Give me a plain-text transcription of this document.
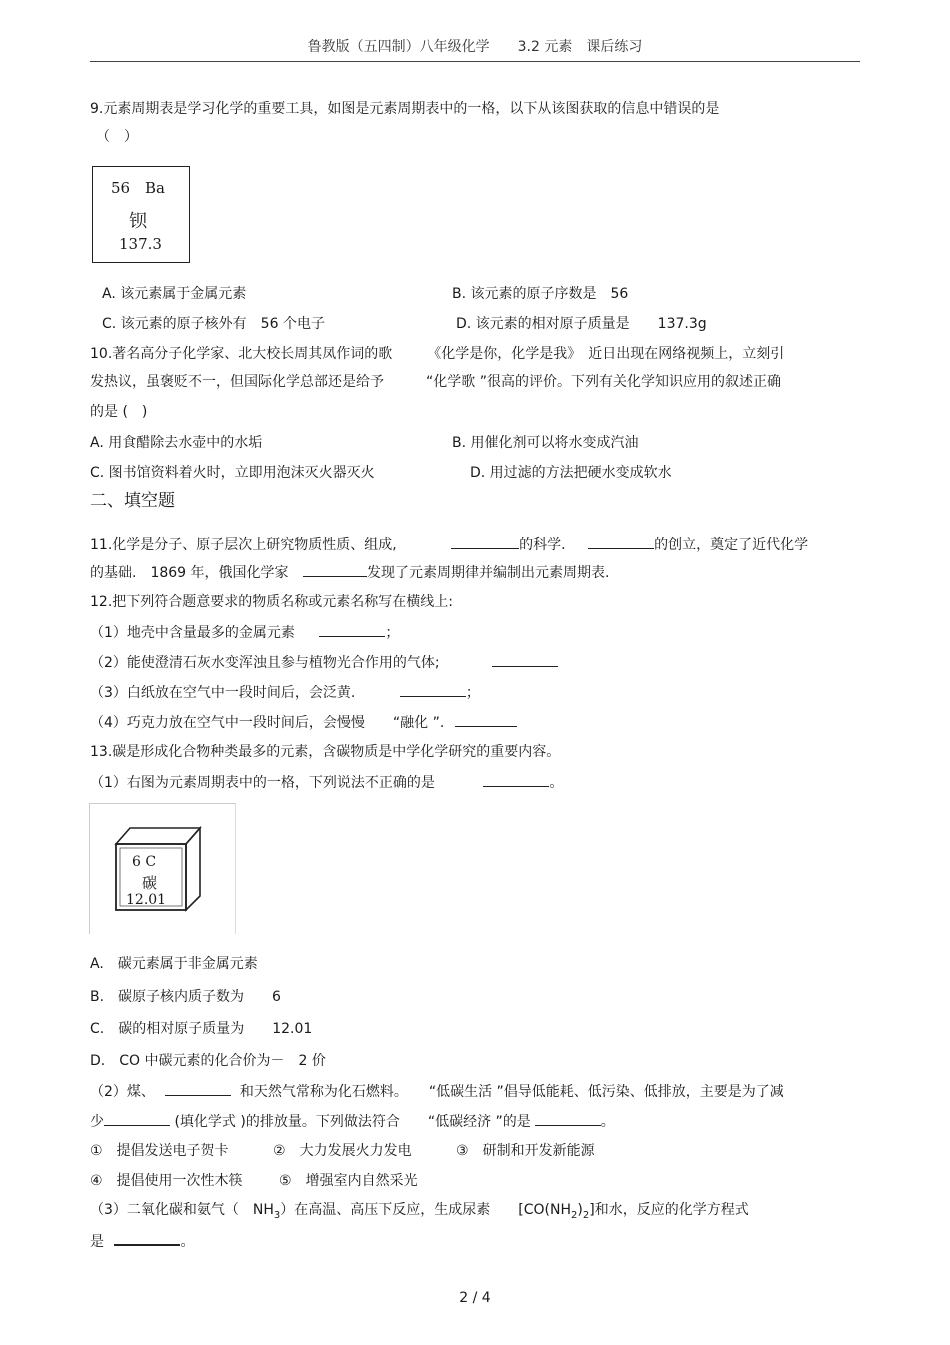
鲁教版（五四制）八年级化学　　3.2 元素　课后练习
9.元素周期表是学习化学的重要工具，如图是元素周期表中的一格，以下从该图获取的信息中错误的是
（　）
56 Ba
钡
137.3
A. 该元素属于金属元素	B. 该元素的原子序数是　56
C. 该元素的原子核外有　56 个电子	D. 该元素的相对原子质量是　　137.3g
10.著名高分子化学家、北大校长周其凤作词的歌　　　《化学是你，化学是我》　近日出现在网络视频上，立刻引
发热议，虽褒贬不一，但国际化学总部还是给予　　　“化学歌 ”很高的评价。下列有关化学知识应用的叙述正确
的是 (　)
A. 用食醋除去水壶中的水垢	B. 用催化剂可以将水变成汽油
C. 图书馆资料着火时，立即用泡沫灭火器灭火	D. 用过滤的方法把硬水变成软水
二、填空题
11.化学是分子、原子层次上研究物质性质、组成,	的科学.	的创立，奠定了近代化学
的基础.　1869 年，俄国化学家	发现了元素周期律并编制出元素周期表.
12.把下列符合题意要求的物质名称或元素名称写在横线上:
（1）地壳中含量最多的金属元素	；
（2）能使澄清石灰水变浑浊且参与植物光合作用的气体;
（3）白纸放在空气中一段时间后，会泛黄.	；
（4）巧克力放在空气中一段时间后，会慢慢　　“融化 ”.
13.碳是形成化合物种类最多的元素，含碳物质是中学化学研究的重要内容。
（1）右图为元素周期表中的一格，下列说法不正确的是	。
6 C
碳
12.01
A.　碳元素属于非金属元素
B.　碳原子核内质子数为　　6
C.　碳的相对原子质量为　　12.01
D.　CO 中碳元素的化合价为－　2 价
（2）煤、	和天然气常称为化石燃料。　　“低碳生活 ”倡导低能耗、低污染、低排放，主要是为了减
少	(填化学式 )的排放量。下列做法符合　　“低碳经济 ”的是	。
①　提倡发送电子贺卡	②　大力发展火力发电	③　研制和开发新能源
④　提倡使用一次性木筷	⑤　增强室内自然采光
（3）二氧化碳和氨气（　$NH_3$）在高温、高压下反应，生成尿素　　$[CO(NH_2)_2]$和水，反应的化学方程式
是	。
2 / 4
